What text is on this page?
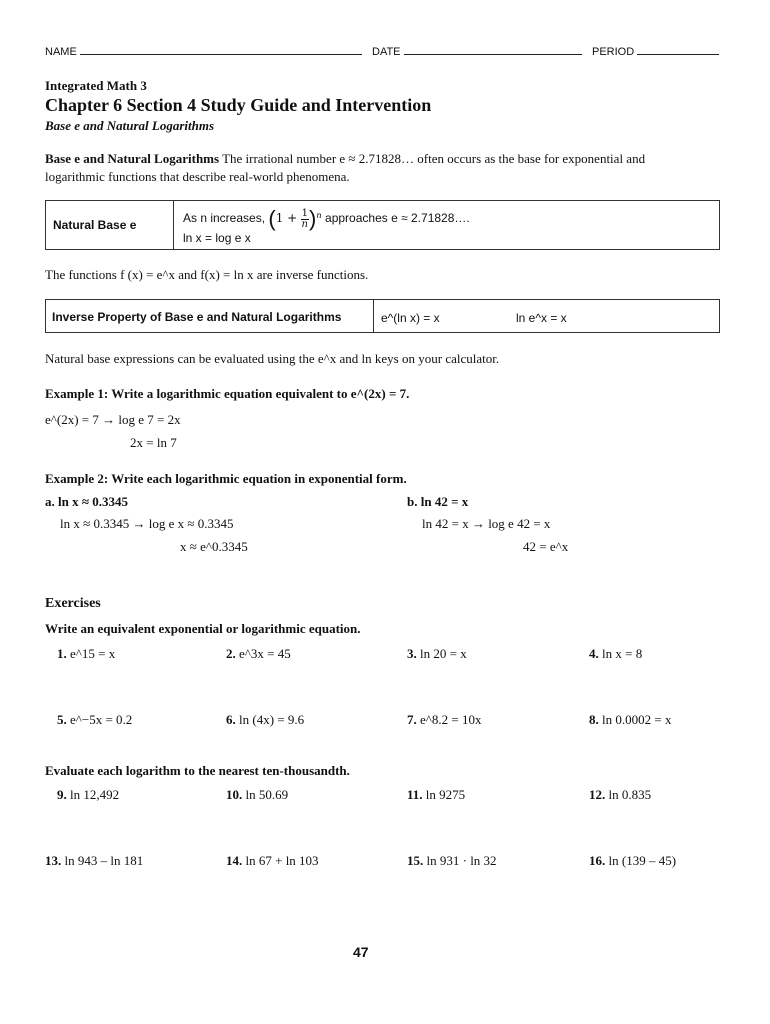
NAME	DATE	PERIOD
Integrated Math 3
Chapter 6 Section 4 Study Guide and Intervention
Base e and Natural Logarithms
Base e and Natural Logarithms The irrational number e ≈ 2.71828… often occurs as the base for exponential and
logarithmic functions that describe real-world phenomena.
Natural Base e	As n increases, $(1 + \frac{1}{n} )^n$ approaches e ≈ 2.71828….
ln x = log e x
The functions f (x) = e^x and f(x) = ln x are inverse functions.
Inverse Property of Base e and Natural Logarithms	e^(ln x) = x	ln e^x = x
Natural base expressions can be evaluated using the e^x and ln keys on your calculator.
Example 1: Write a logarithmic equation equivalent to e^(2x) = 7.
e^(2x) = 7 → log e 7 = 2x
2x = ln 7
Example 2: Write each logarithmic equation in exponential form.
a. ln x ≈ 0.3345
ln x ≈ 0.3345 → log e x ≈ 0.3345
x ≈ e^0.3345
b. ln 42 = x
ln 42 = x → log e 42 = x
42 = e^x
Exercises
Write an equivalent exponential or logarithmic equation.
1. e^15 = x	2. e^3x = 45	3. ln 20 = x	4. ln x = 8
5. e^−5x = 0.2	6. ln (4x) = 9.6	7. e^8.2 = 10x	8. ln 0.0002 = x
Evaluate each logarithm to the nearest ten-thousandth.
9. ln 12,492	10. ln 50.69	11. ln 9275	12. ln 0.835
13. ln 943 – ln 181	14. ln 67 + ln 103	15. ln 931 · ln 32	16. ln (139 – 45)
47
